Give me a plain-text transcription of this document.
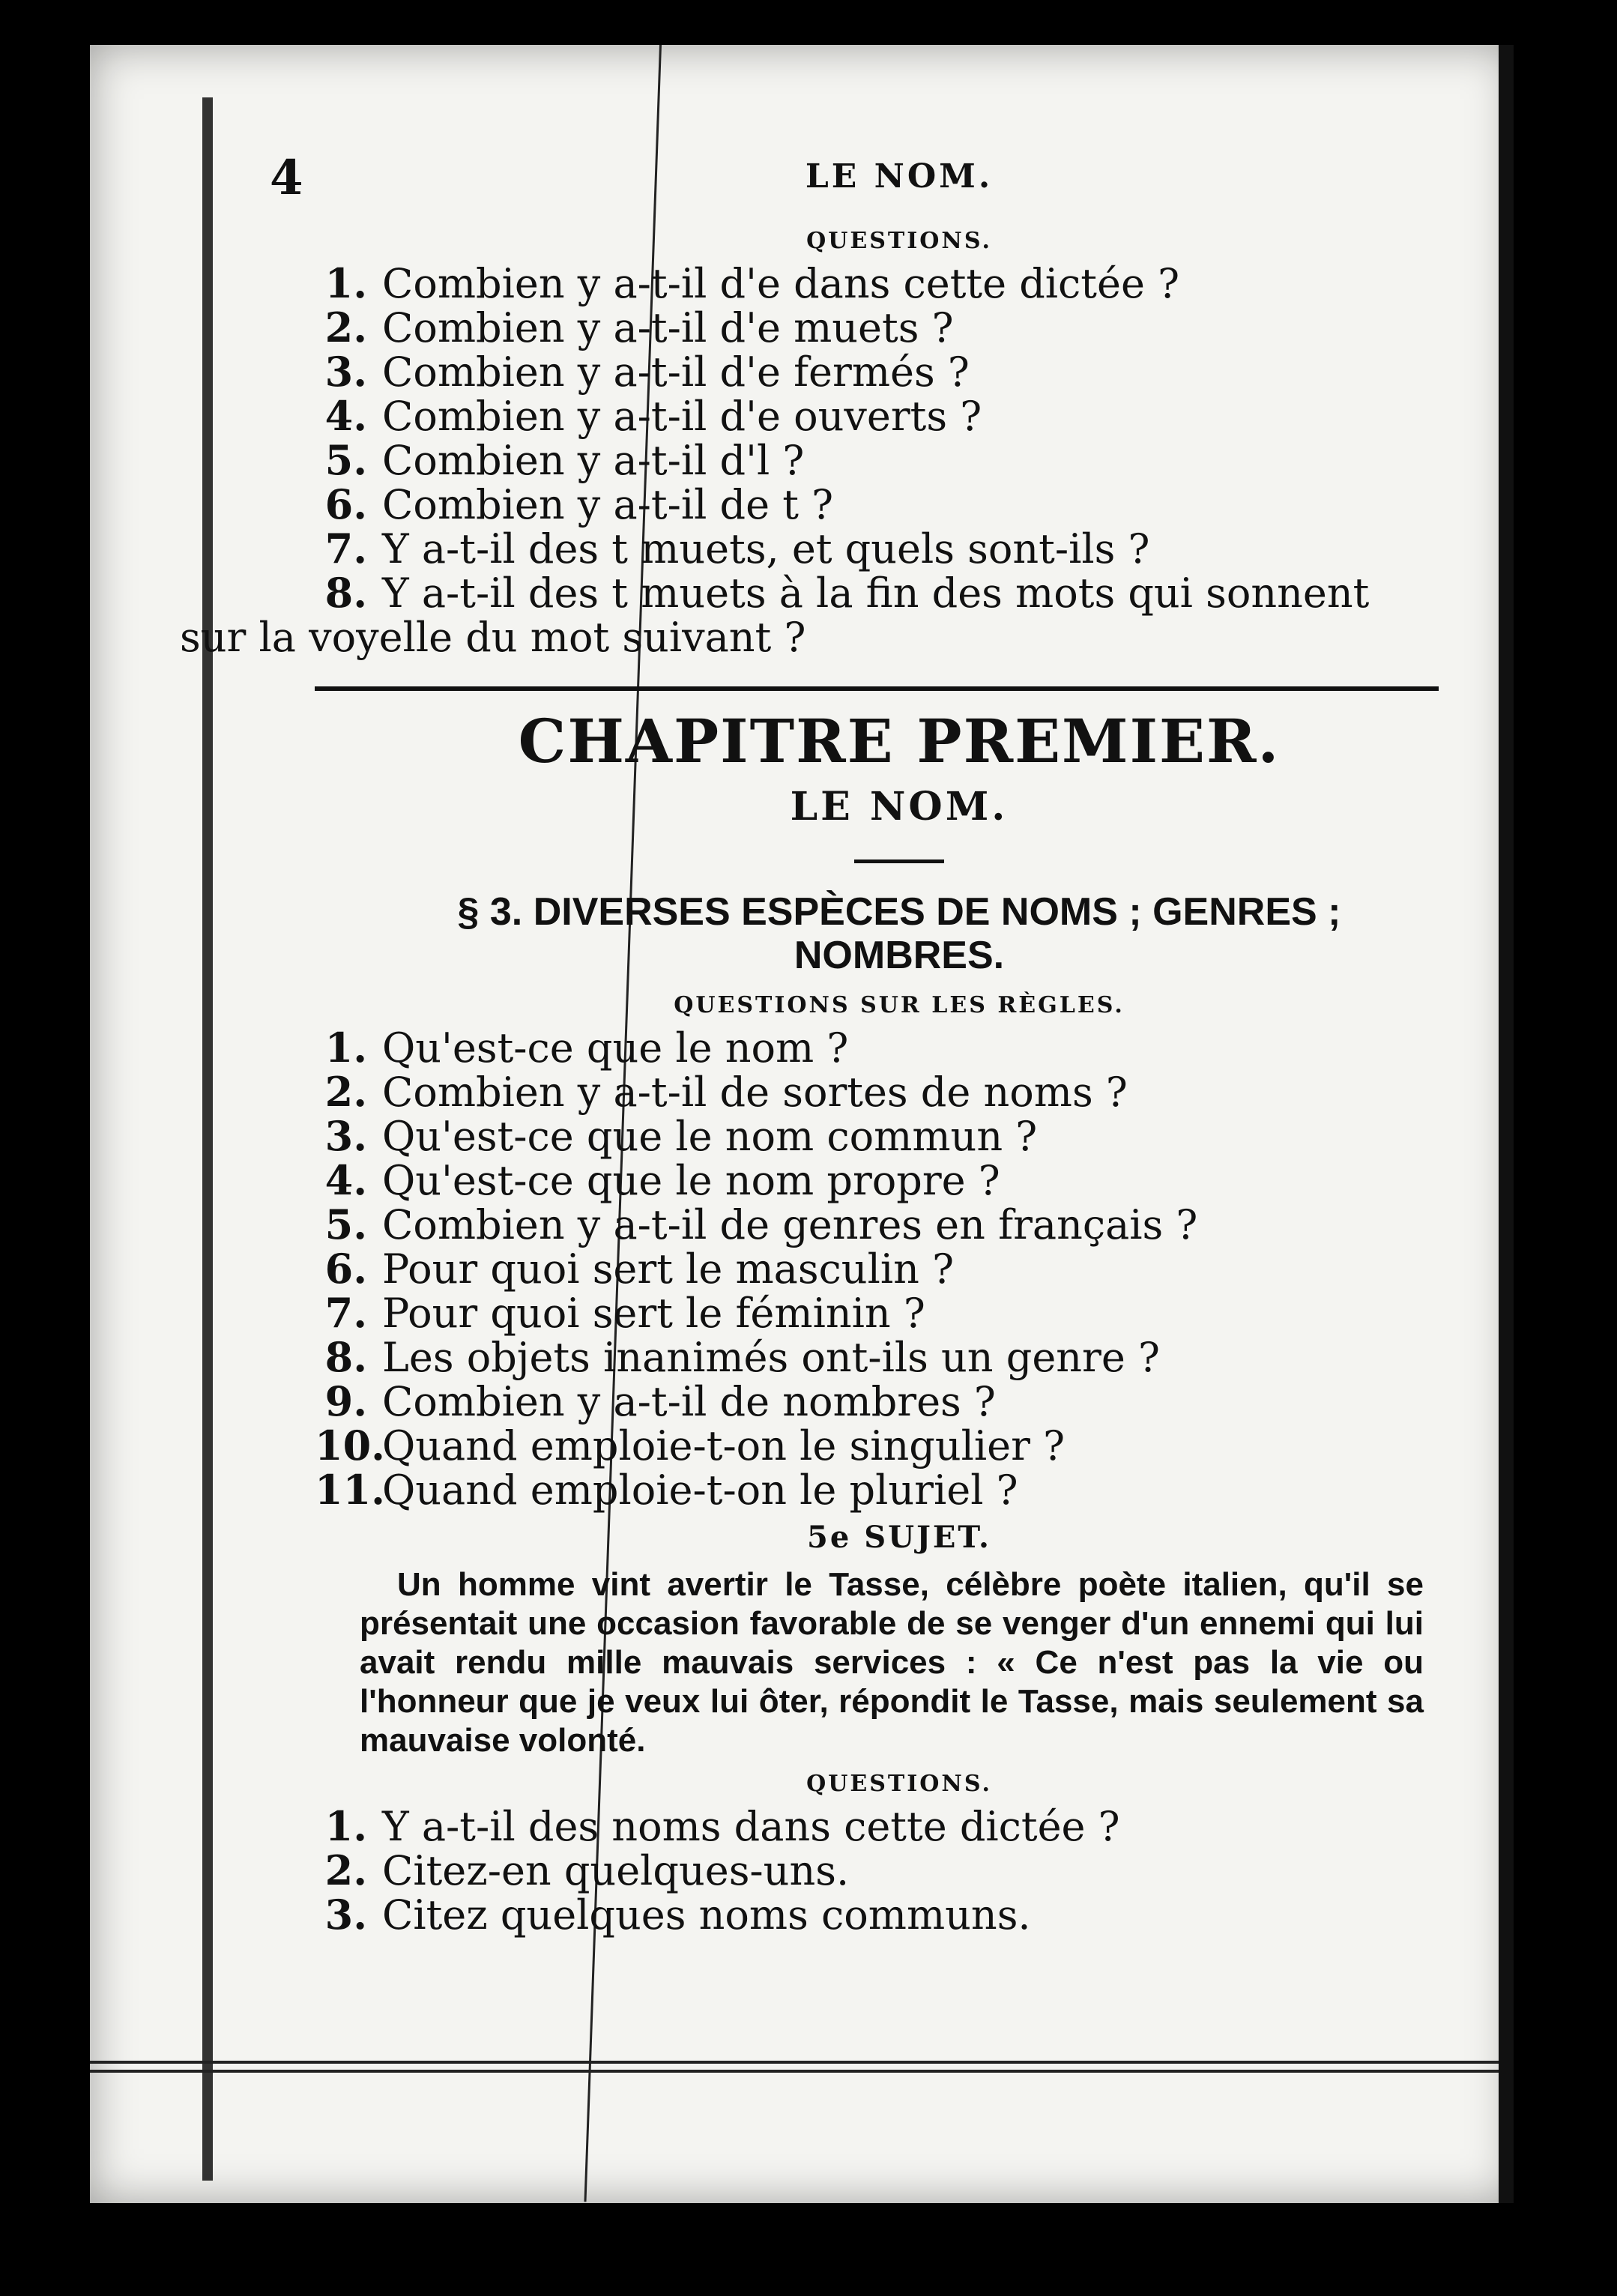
4	LE NOM.
QUESTIONS.
1. Combien y a-t-il d'e dans cette dictée ?
2. Combien y a-t-il d'e muets ?
3. Combien y a-t-il d'e fermés ?
4. Combien y a-t-il d'e ouverts ?
5. Combien y a-t-il d'l ?
6. Combien y a-t-il de t ?
7. Y a-t-il des t muets, et quels sont-ils ?
8. Y a-t-il des t muets à la fin des mots qui sonnent
sur la voyelle du mot suivant ?
CHAPITRE PREMIER.
LE NOM.
§ 3. DIVERSES ESPÈCES DE NOMS ; GENRES ;
NOMBRES.
QUESTIONS SUR LES RÈGLES.
1. Qu'est-ce que le nom ?
2. Combien y a-t-il de sortes de noms ?
3. Qu'est-ce que le nom commun ?
4. Qu'est-ce que le nom propre ?
5. Combien y a-t-il de genres en français ?
6. Pour quoi sert le masculin ?
7. Pour quoi sert le féminin ?
8. Les objets inanimés ont-ils un genre ?
9. Combien y a-t-il de nombres ?
10.Quand emploie-t-on le singulier ?
11.Quand emploie-t-on le pluriel ?
5e SUJET.
Un homme vint avertir le Tasse, célèbre poète italien, qu'il se présentait une occasion favorable de se venger d'un ennemi qui lui avait rendu mille mauvais services : « Ce n'est pas la vie ou l'honneur que je veux lui ôter, répondit le Tasse, mais seulement sa mauvaise volonté.
QUESTIONS.
1. Y a-t-il des noms dans cette dictée ?
2. Citez-en quelques-uns.
3. Citez quelques noms communs.
